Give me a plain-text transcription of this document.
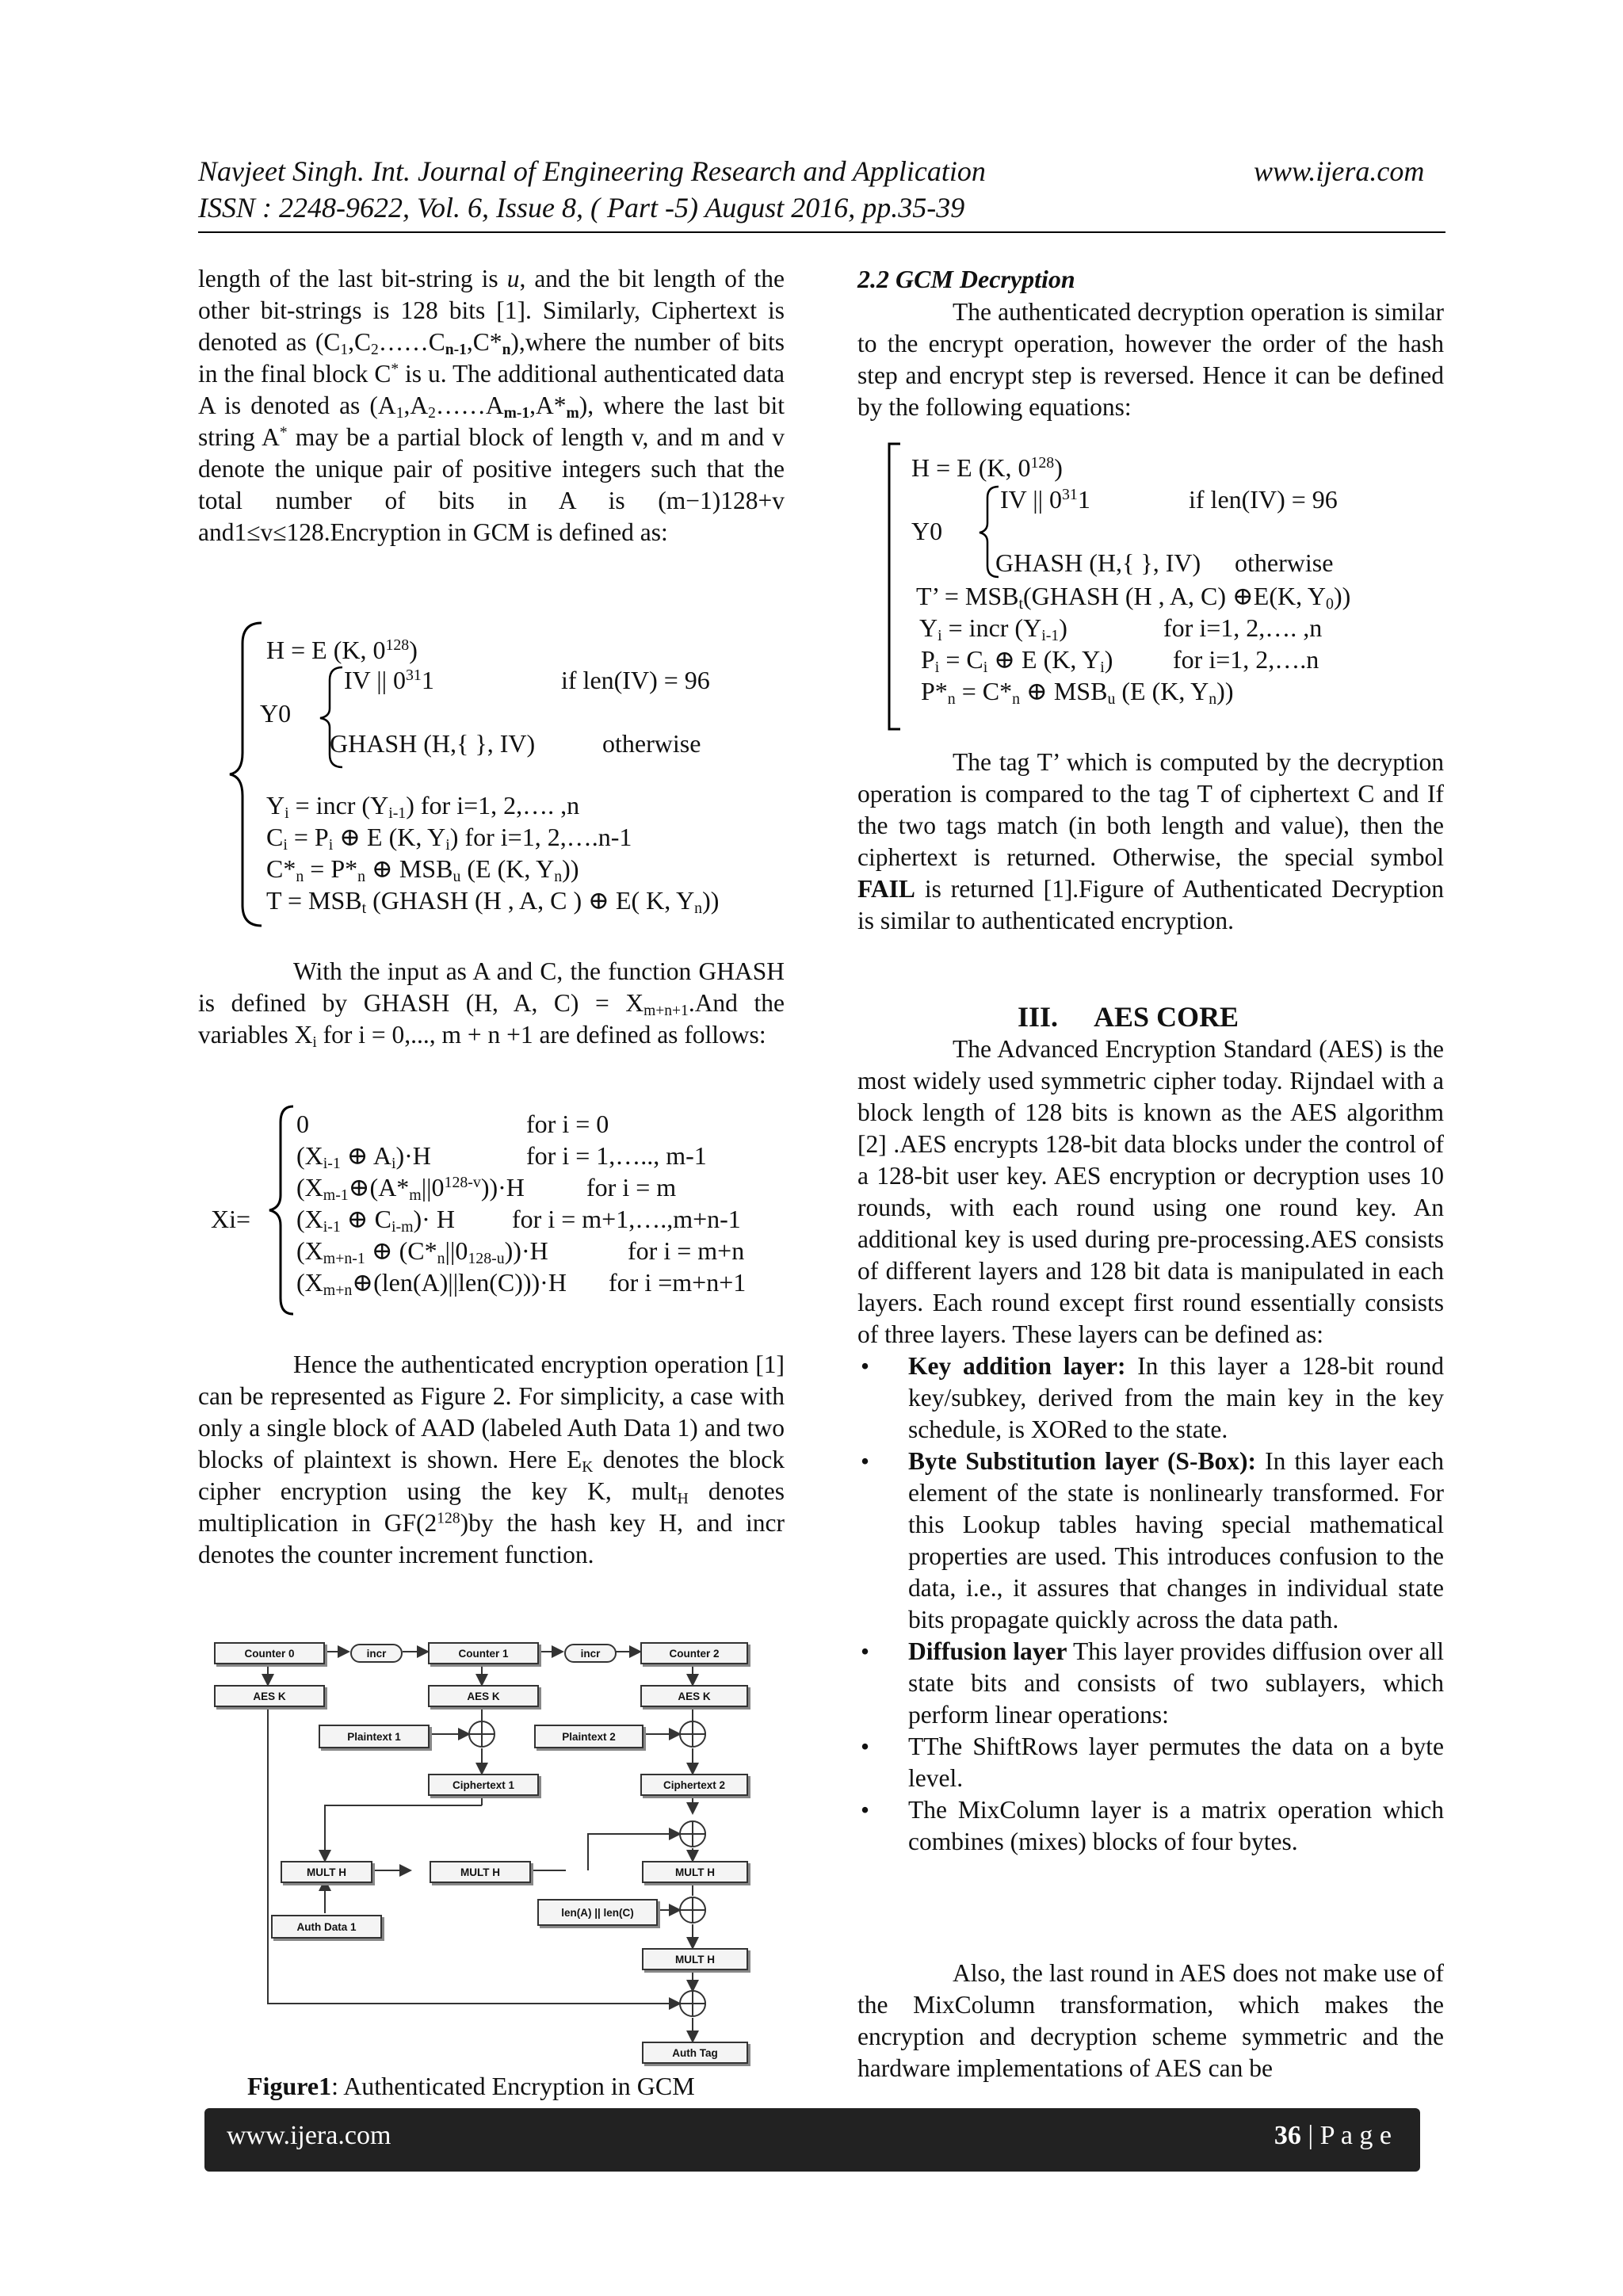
Navjeet Singh. Int. Journal of Engineering Research and Application	www.ijera.com
ISSN : 2248-9622, Vol. 6, Issue 8, ( Part -5) August 2016, pp.35-39

length of the last bit-string is u, and the bit length of the other bit-strings is 128 bits [1]. Similarly, Ciphertext is denoted as $(C_1,C_2\dots\dots C_{n-1},C*_n),where$ the number of bits in the final block C* is u. The additional authenticated data A is denoted as $(A_1,A_2\dots\dots A_{m-1},A*_m)$, where the last bit string A* may be a partial block of length v, and m and v denote the unique pair of positive integers such that the total number of bits in A is (m−1)128+v and1≤v≤128.Encryption in GCM is defined as:

H = E (K, $0^{128}$)
IV || $0^{31}1$	if len(IV) = 96
Y0
GHASH (H,{ }, IV)	otherwise
$Y_i$ = incr $(Y_{i-1})$ for i=1, 2,…. ,n
$C_i = P_i$ ⊕ E (K, $Y_i$) for i=1, 2,….n-1
$C*_n = P*_n$ ⊕ $MSB_u$ (E (K, $Y_n$))
$T = MSB_t$ (GHASH (H , A, C ) ⊕ E( K, $Y_n$))

With the input as A and C, the function GHASH is defined by GHASH (H, A, $C) = X_{m+n+1}.And$ the variables $X_i$ for i = 0,..., m + n +1 are defined as follows:

0	for i = 0
($X_{i-1}$ ⊕ $A_i)\cdot H$	for i = 1,….., m-1
$(X_{m-1}\oplus(A*_m||0^{128-v}))\cdot H$ for i = m
$Xi= (X_{i-1}$ ⊕ $C_{i-m})\cdot H$ for i = m+1,….,m+n-1
($X_{m+n-1}$ ⊕ $(C*_n||0_{128-u}))\cdot H$	for i = m+n
$(X_{m+n}\oplus(len(A)||len(C)))\cdot H$ for i =m+n+1

Hence the authenticated encryption operation [1] can be represented as Figure 2. For simplicity, a case with only a single block of AAD (labeled Auth Data 1) and two blocks of plaintext is shown. Here $E_K$ denotes the block cipher encryption using the key K, mult$_H$ denotes multiplication in $GF(2^{128})by$ the hash key H, and incr denotes the counter increment function.

Counter 0	incr	Counter 1	incr	Counter 2
AES
K	AES
K	AES
K
Plaintext 1	Plaintext 2
Ciphertext 1	Ciphertext 2
MULT
H	MULT
H	MULT
H
Auth Data 1
len(A) || len(C)
MULT
H
Auth Tag
Figure1: Authenticated Encryption in GCM
2.2 GCM Decryption

The authenticated decryption operation is similar to the encrypt operation, however the order of the hash step and encrypt step is reversed. Hence it can be defined by the following equations:

H = E (K, $0^{128}$)
IV || $0^{31}1$	if len(IV) = 96
Y0
GHASH (H,{ }, IV) otherwise
T’ = $MSB_t(GHASH$ (H , A, C) ⊕E(K, $Y_0$))
$Y_i$ = incr $(Y_{i-1})$	for i=1, 2,…. ,n
$P_i = C_i$ ⊕ E (K, $Y_i$) for i=1, 2,….n
$P*_n = C*_n$ ⊕ $MSB_u$ (E (K, $Y_n$))

The tag T’ which is computed by the decryption operation is compared to the tag T of ciphertext C and If the two tags match (in both length and value), then the ciphertext is returned. Otherwise, the special symbol FAIL is returned [1].Figure of Authenticated Decryption is similar to authenticated encryption.

III. AES CORE

The Advanced Encryption Standard (AES) is the most widely used symmetric cipher today. Rijndael with a block length of 128 bits is known as the AES algorithm [2] .AES encrypts 128-bit data blocks under the control of a 128-bit user key. AES encryption or decryption uses 10 rounds, with each round using one round key. An additional key is used during pre-processing.AES consists of different layers and 128 bit data is manipulated in each layers. Each round except first round essentially consists of three layers. These layers can be defined as:

• Key addition layer: In this layer a 128-bit round key/subkey, derived from the main key in the key schedule, is XORed to the state.
• Byte Substitution layer (S-Box): In this layer each element of the state is nonlinearly transformed. For this Lookup tables having special mathematical properties are used. This introduces confusion to the data, i.e., it assures that changes in individual state bits propagate quickly across the data path.
• Diffusion layer This layer provides diffusion over all state bits and consists of two sublayers, which perform linear operations:
• TThe ShiftRows layer permutes the data on a byte level.
• The MixColumn layer is a matrix operation which combines (mixes) blocks of four bytes.

Also, the last round in AES does not make use of the MixColumn transformation, which makes the encryption and decryption scheme symmetric and the hardware implementations of AES can be

www.ijera.com	36 | P a g e
